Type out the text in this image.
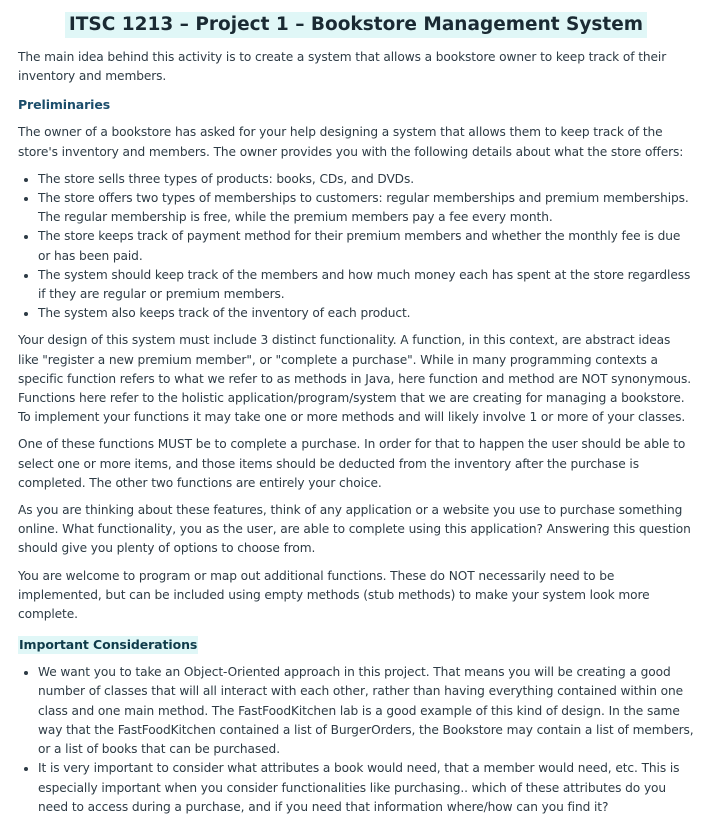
ITSC 1213 – Project 1 – Bookstore Management System

The main idea behind this activity is to create a system that allows a bookstore owner to keep track of their inventory and members.

Preliminaries

The owner of a bookstore has asked for your help designing a system that allows them to keep track of the store's inventory and members. The owner provides you with the following details about what the store offers:

• The store sells three types of products: books, CDs, and DVDs.
• The store offers two types of memberships to customers: regular memberships and premium memberships. The regular membership is free, while the premium members pay a fee every month.
• The store keeps track of payment method for their premium members and whether the monthly fee is due or has been paid.
• The system should keep track of the members and how much money each has spent at the store regardless if they are regular or premium members.
• The system also keeps track of the inventory of each product.

Your design of this system must include 3 distinct functionality. A function, in this context, are abstract ideas like "register a new premium member", or "complete a purchase". While in many programming contexts a specific function refers to what we refer to as methods in Java, here function and method are NOT synonymous. Functions here refer to the holistic application/program/system that we are creating for managing a bookstore. To implement your functions it may take one or more methods and will likely involve 1 or more of your classes.

One of these functions MUST be to complete a purchase. In order for that to happen the user should be able to select one or more items, and those items should be deducted from the inventory after the purchase is completed. The other two functions are entirely your choice.

As you are thinking about these features, think of any application or a website you use to purchase something online. What functionality, you as the user, are able to complete using this application? Answering this question should give you plenty of options to choose from.

You are welcome to program or map out additional functions. These do NOT necessarily need to be implemented, but can be included using empty methods (stub methods) to make your system look more complete.

Important Considerations
• We want you to take an Object-Oriented approach in this project. That means you will be creating a good number of classes that will all interact with each other, rather than having everything contained within one class and one main method. The FastFoodKitchen lab is a good example of this kind of design. In the same way that the FastFoodKitchen contained a list of BurgerOrders, the Bookstore may contain a list of members, or a list of books that can be purchased.
• It is very important to consider what attributes a book would need, that a member would need, etc. This is especially important when you consider functionalities like purchasing.. which of these attributes do you need to access during a purchase, and if you need that information where/how can you find it?
